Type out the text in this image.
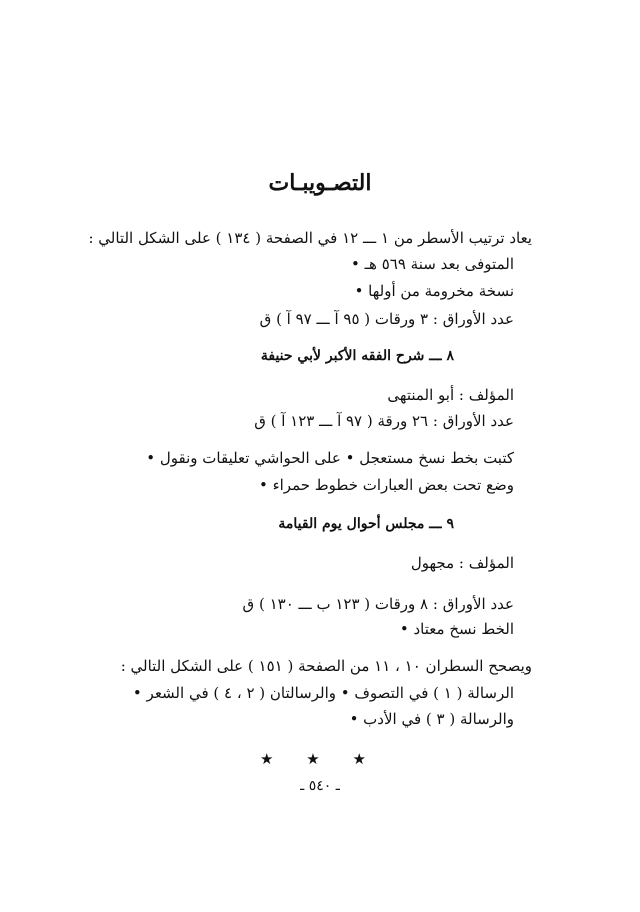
التصـويبـات
يعاد ترتيب الأسطر من ١ ـــ ١٢ في الصفحة ( ١٣٤ ) على الشكل التالي :
المتوفى بعد سنة ٥٦٩ هـ •
نسخة مخرومة من أولها •
عدد الأوراق : ٣ ورقات ( ٩٥ آ ـــ ٩٧ آ ) ق
٨ ـــ شرح الفقه الأكبر لأبي حنيفة
المؤلف : أبو المنتهى
عدد الأوراق : ٢٦ ورقة ( ٩٧ آ ـــ ١٢٣ آ ) ق
كتبت بخط نسخ مستعجل • على الحواشي تعليقات ونقول •
وضع تحت بعض العبارات خطوط حمراء •
٩ ـــ مجلس أحوال يوم القيامة
المؤلف : مجهول
عدد الأوراق : ٨ ورقات ( ١٢٣ ب ـــ ١٣٠ ) ق
الخط نسخ معتاد •
ويصحح السطران ١٠ ، ١١ من الصفحة ( ١٥١ ) على الشكل التالي :
الرسالة ( ١ ) في التصوف • والرسالتان ( ٢ ، ٤ ) في الشعر •
والرسالة ( ٣ ) في الأدب •
★ ★ ★
ـ ٥٤٠ ـ
